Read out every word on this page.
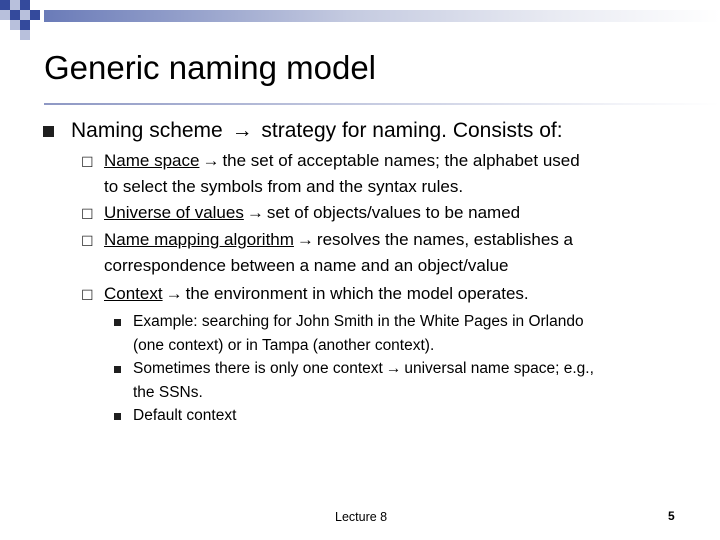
Generic naming model
Naming scheme → strategy for naming. Consists of:
☐ Name space → the set of acceptable names; the alphabet used
to select the symbols from and the syntax rules.
☐ Universe of values → set of objects/values to be named
☐ Name mapping algorithm → resolves the names, establishes a
correspondence between a name and an object/value
☐ Context → the environment in which the model operates.
Example: searching for John Smith in the White Pages in Orlando
(one context) or in Tampa (another context).
Sometimes there is only one context → universal name space; e.g.,
the SSNs.
Default context
Lecture 8	5
